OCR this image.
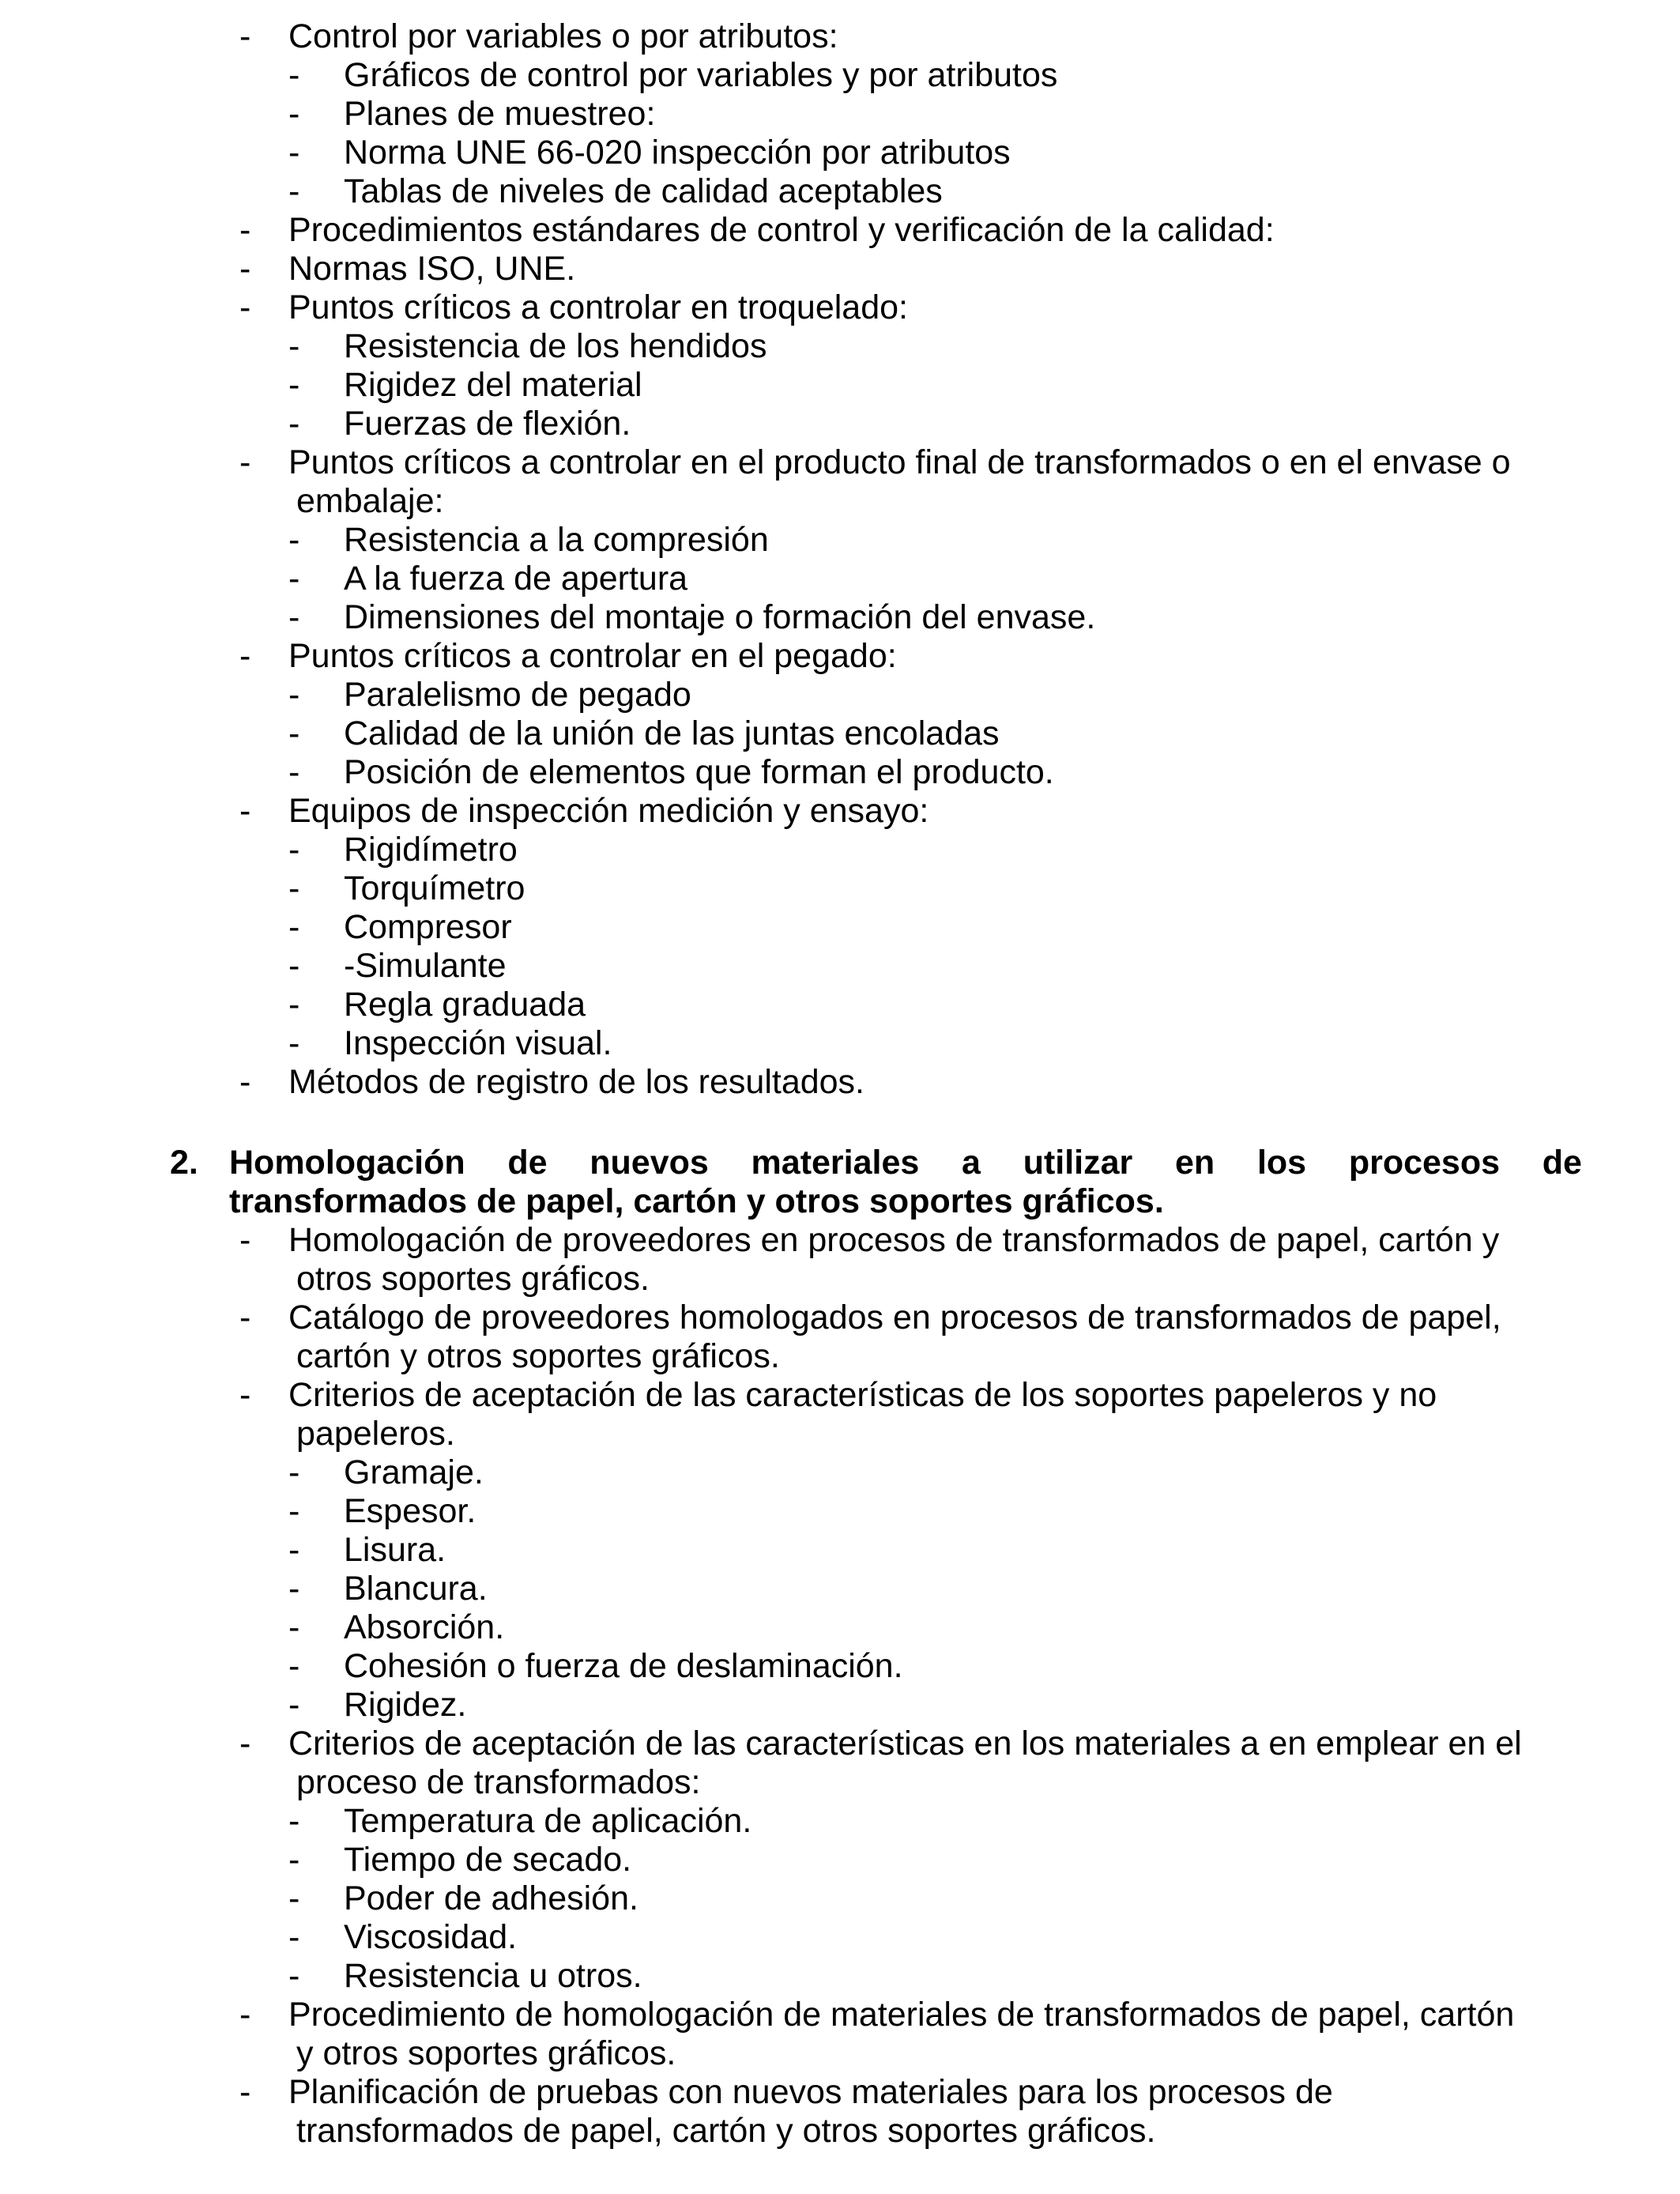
- Control por variables o por atributos:
- Gráficos de control por variables y por atributos
- Planes de muestreo:
- Norma UNE 66-020 inspección por atributos
- Tablas de niveles de calidad aceptables
- Procedimientos estándares de control y verificación de la calidad:
- Normas ISO, UNE.
- Puntos críticos a controlar en troquelado:
- Resistencia de los hendidos
- Rigidez del material
- Fuerzas de flexión.
- Puntos críticos a controlar en el producto final de transformados o en el envase o
embalaje:
- Resistencia a la compresión
- A la fuerza de apertura
- Dimensiones del montaje o formación del envase.
- Puntos críticos a controlar en el pegado:
- Paralelismo de pegado
- Calidad de la unión de las juntas encoladas
- Posición de elementos que forman el producto.
- Equipos de inspección medición y ensayo:
- Rigidímetro
- Torquímetro
- Compresor
- -Simulante
- Regla graduada
- Inspección visual.
- Métodos de registro de los resultados.
2. Homologación de nuevos materiales a utilizar en los procesos de
transformados de papel, cartón y otros soportes gráficos.
- Homologación de proveedores en procesos de transformados de papel, cartón y
otros soportes gráficos.
- Catálogo de proveedores homologados en procesos de transformados de papel,
cartón y otros soportes gráficos.
- Criterios de aceptación de las características de los soportes papeleros y no
papeleros.
- Gramaje.
- Espesor.
- Lisura.
- Blancura.
- Absorción.
- Cohesión o fuerza de deslaminación.
- Rigidez.
- Criterios de aceptación de las características en los materiales a en emplear en el
proceso de transformados:
- Temperatura de aplicación.
- Tiempo de secado.
- Poder de adhesión.
- Viscosidad.
- Resistencia u otros.
- Procedimiento de homologación de materiales de transformados de papel, cartón
y otros soportes gráficos.
- Planificación de pruebas con nuevos materiales para los procesos de
transformados de papel, cartón y otros soportes gráficos.
